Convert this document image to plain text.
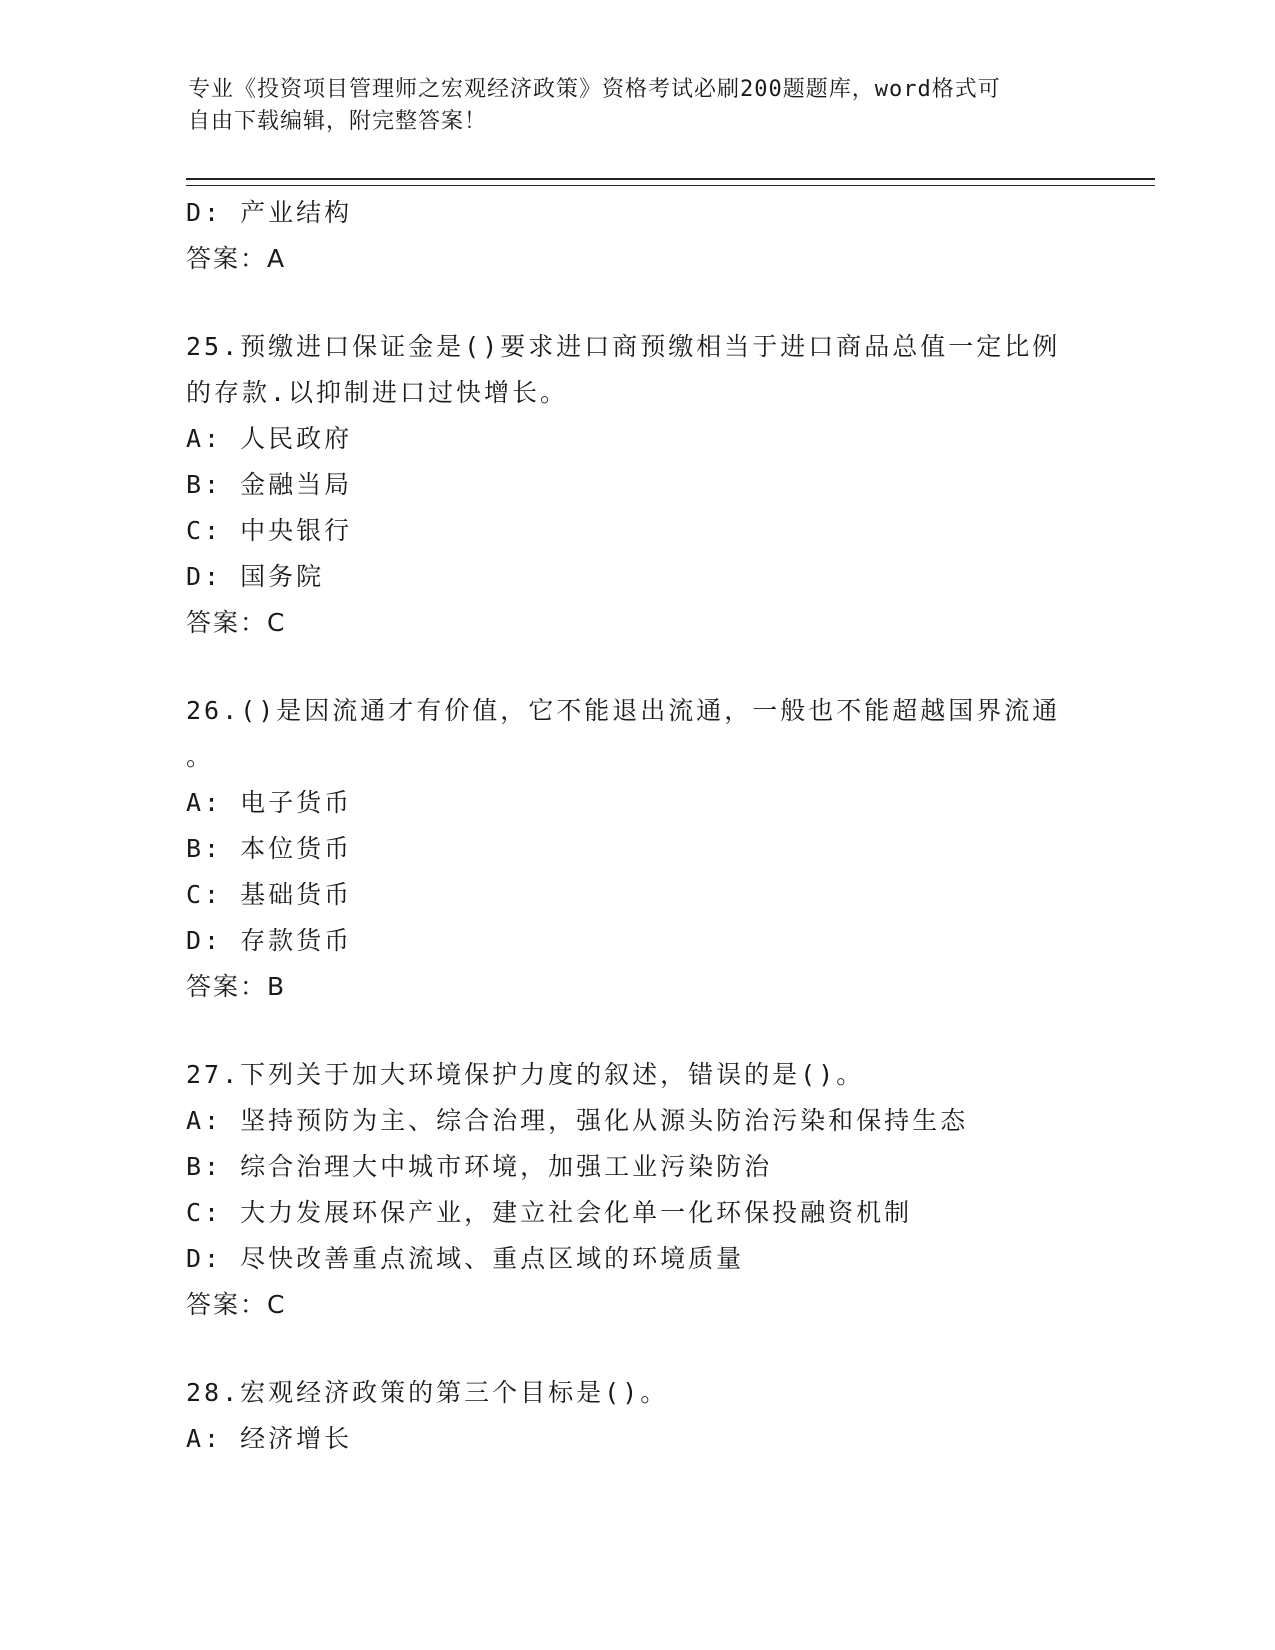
专业《投资项目管理师之宏观经济政策》资格考试必刷200题题库，word格式可
自由下载编辑，附完整答案！
D: 产业结构
答案：A
25.预缴进口保证金是()要求进口商预缴相当于进口商品总值一定比例
的存款.以抑制进口过快增长。
A: 人民政府
B: 金融当局
C: 中央银行
D: 国务院
答案：C
26.()是因流通才有价值，它不能退出流通，一般也不能超越国界流通
。
A: 电子货币
B: 本位货币
C: 基础货币
D: 存款货币
答案：B
27.下列关于加大环境保护力度的叙述，错误的是()。
A: 坚持预防为主、综合治理，强化从源头防治污染和保持生态
B: 综合治理大中城市环境，加强工业污染防治
C: 大力发展环保产业，建立社会化单一化环保投融资机制
D: 尽快改善重点流域、重点区域的环境质量
答案：C
28.宏观经济政策的第三个目标是()。
A: 经济增长
